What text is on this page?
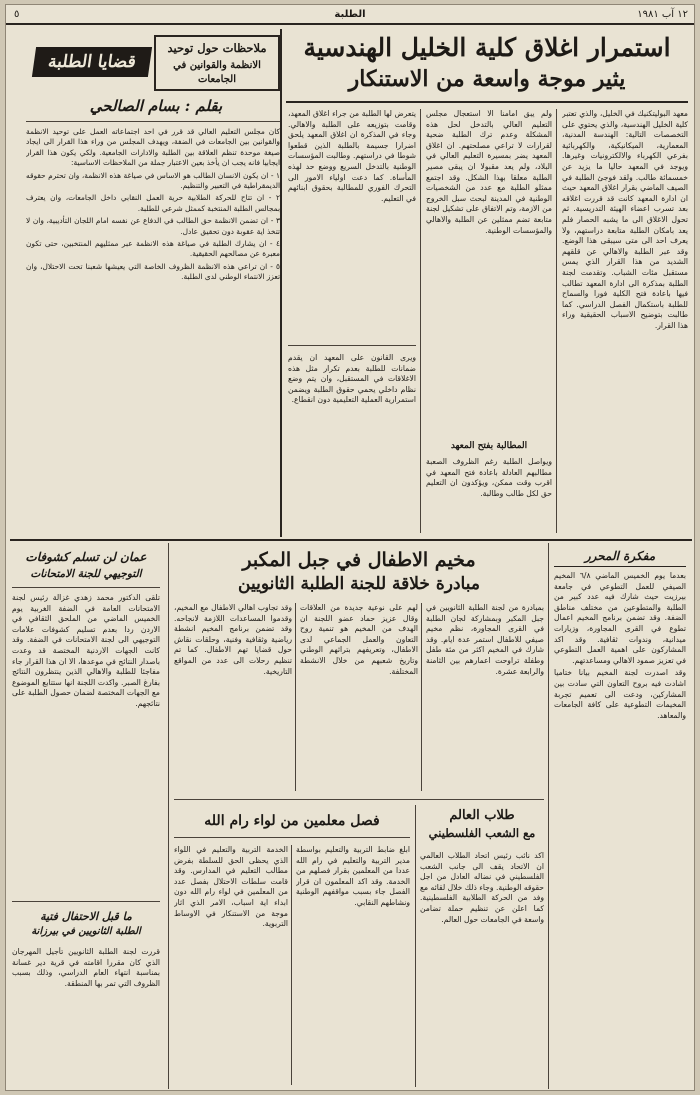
١٢ آب ١٩٨١
الطلبة
٥
استمرار اغلاق كلية الخليل الهندسية
يثير موجة واسعة من الاستنكار

معهد البوليتكنيك في الخليل، والذي تعتبر كلية الخليل الهندسية، والذي يحتوي على التخصصات التالية: الهندسة المدنية، المعمارية، الميكانيكية، والكهربائية بفرعي الكهرباء والالكترونيات وغيرها. ويوجد في المعهد حاليا ما يزيد عن خمسمائة طالب. ولقد فوجئ الطلبة في الصيف الماضي بقرار اغلاق المعهد حيث ان ادارة المعهد كانت قد قررت اغلاقه بعد تسرب اعضاء الهيئة التدريسية. ثم تحول الاغلاق الى ما يشبه الحصار فلم يعد بامكان الطلبة متابعة دراستهم، ولا يعرف احد الى متى سيبقى هذا الوضع. وقد عبر الطلبة والاهالي عن قلقهم الشديد من هذا القرار الذي يمس مستقبل مئات الشباب. وتقدمت لجنة الطلبة بمذكرة الى ادارة المعهد تطالب فيها باعادة فتح الكلية فورا والسماح للطلبة باستكمال الفصل الدراسي. كما طالبت بتوضيح الاسباب الحقيقية وراء هذا القرار.

ولم يبق امامنا الا استعجال مجلس التعليم العالي بالتدخل لحل هذه المشكلة وعدم ترك الطلبة ضحية لقرارات لا تراعي مصلحتهم. ان اغلاق المعهد يضر بمسيرة التعليم العالي في البلاد، ولم يعد مقبولا ان يبقى مصير الطلبة معلقا بهذا الشكل. وقد اجتمع ممثلو الطلبة مع عدد من الشخصيات الوطنية في المدينة لبحث سبل الخروج من الازمة، وتم الاتفاق على تشكيل لجنة متابعة تضم ممثلين عن الطلبة والاهالي والمؤسسات الوطنية.

المطالبة بفتح المعهد

ويواصل الطلبة رغم الظروف الصعبة مطالبهم العادلة باعادة فتح المعهد في اقرب وقت ممكن، ويؤكدون ان التعليم حق لكل طالب وطالبة.

يتعرض لها الطلبة من جراء اغلاق المعهد، وقامت بتوزيعه على الطلبة والاهالي. وجاء في المذكرة ان اغلاق المعهد يلحق اضرارا جسيمة بالطلبة الذين قطعوا شوطا في دراستهم. وطالبت المؤسسات الوطنية بالتدخل السريع ووضع حد لهذه المأساة. كما دعت اولياء الامور الى التحرك الفوري للمطالبة بحقوق ابنائهم في التعليم.

ويرى القانون على المعهد ان يقدم ضمانات للطلبة بعدم تكرار مثل هذه الاغلاقات في المستقبل، وان يتم وضع نظام داخلي يحمي حقوق الطلبة ويضمن استمرارية العملية التعليمية دون انقطاع.

قضايا الطلبة
ملاحظات حول توحيد
الانظمة والقوانين في الجامعات
بقلم : بسام الصالحي

كان مجلس التعليم العالي قد قرر في احد اجتماعاته العمل على توحيد الانظمة والقوانين بين الجامعات في الضفة، ويهدف المجلس من وراء هذا القرار الى ايجاد صيغة موحدة تنظم العلاقة بين الطلبة والادارات الجامعية. ولكي يكون هذا القرار ايجابيا فانه يجب ان يأخذ بعين الاعتبار جملة من الملاحظات الاساسية:

١ - ان يكون الانسان الطالب هو الاساس في صياغة هذه الانظمة، وان تحترم حقوقه الديمقراطية في التعبير والتنظيم.

٢ - ان تتاح للحركة الطلابية حرية العمل النقابي داخل الجامعات، وان يعترف بمجالس الطلبة المنتخبة كممثل شرعي للطلبة.

٣ - ان تضمن الانظمة حق الطالب في الدفاع عن نفسه امام اللجان التأديبية، وان لا تتخذ اية عقوبة دون تحقيق عادل.

٤ - ان يشارك الطلبة في صياغة هذه الانظمة عبر ممثليهم المنتخبين، حتى تكون معبرة عن مصالحهم الحقيقية.

٥ - ان تراعي هذه الانظمة الظروف الخاصة التي يعيشها شعبنا تحت الاحتلال، وان تعزز الانتماء الوطني لدى الطلبة.

مفكرة المحرر

بعدما يوم الخميس الماضي ٦/٨ المخيم الصيفي للعمل التطوعي في جامعة بيرزيت حيث شارك فيه عدد كبير من الطلبة والمتطوعين من مختلف مناطق الضفة. وقد تضمن برنامج المخيم اعمال تطوع في القرى المجاورة، وزيارات ميدانية، وندوات ثقافية. وقد اكد المشاركون على اهمية العمل التطوعي في تعزيز صمود الاهالي ومساعدتهم.

وقد اصدرت لجنة المخيم بيانا ختاميا اشادت فيه بروح التعاون التي سادت بين المشاركين، ودعت الى تعميم تجربة المخيمات التطوعية على كافة الجامعات والمعاهد.

مخيم الاطفال في جبل المكبر
مبادرة خلاقة للجنة الطلبة الثانويين

بمبادرة من لجنة الطلبة الثانويين في جبل المكبر وبمشاركة لجان الطلبة في القرى المجاورة، نظم مخيم صيفي للاطفال استمر عدة ايام. وقد شارك في المخيم اكثر من مئة طفل وطفلة تراوحت اعمارهم بين الثامنة والرابعة عشرة.

لهم على نوعية جديدة من العلاقات وقال عزيز حماد عضو اللجنة ان الهدف من المخيم هو تنمية روح التعاون والعمل الجماعي لدى الاطفال، وتعريفهم بتراثهم الوطني وتاريخ شعبهم من خلال الانشطة المختلفة.

وقد تجاوب اهالي الاطفال مع المخيم، وقدموا المساعدات اللازمة لانجاحه. وقد تضمن برنامج المخيم انشطة رياضية وثقافية وفنية، وحلقات نقاش حول قضايا تهم الاطفال. كما تم تنظيم رحلات الى عدد من المواقع التاريخية.

طلاب العالم
مع الشعب الفلسطيني

اكد نائب رئيس اتحاد الطلاب العالمي ان الاتحاد يقف الى جانب الشعب الفلسطيني في نضاله العادل من اجل حقوقه الوطنية. وجاء ذلك خلال لقائه مع وفد من الحركة الطلابية الفلسطينية. كما اعلن عن تنظيم حملة تضامن واسعة في الجامعات حول العالم.

فصل معلمين من لواء رام الله

ابلغ ضابط التربية والتعليم بواسطة مدير التربية والتعليم في رام الله عددا من المعلمين بقرار فصلهم من الخدمة. وقد اكد المعلمون ان قرار الفصل جاء بسبب مواقفهم الوطنية ونشاطهم النقابي.

الخدمة التربية والتعليم في اللواء الذي يحظى الحق للسلطة بفرض مطالب التعليم في المدارس. وقد قامت سلطات الاحتلال بفصل عدد من المعلمين في لواء رام الله دون ابداء اية اسباب، الامر الذي اثار موجة من الاستنكار في الاوساط التربوية.

عمان لن تسلم كشوفات
التوجيهي للجنة الامتحانات

تلقى الدكتور محمد زهدي غزالة رئيس لجنة الامتحانات العامة في الضفة الغربية يوم الخميس الماضي من الملحق الثقافي في الاردن ردا بعدم تسليم كشوفات علامات التوجيهي الى لجنة الامتحانات في الضفة. وقد كانت الجهات الاردنية المختصة قد وعدت باصدار النتائج في موعدها، الا ان هذا القرار جاء مفاجئا للطلبة والاهالي الذين ينتظرون النتائج بفارغ الصبر. واكدت اللجنة انها ستتابع الموضوع مع الجهات المختصة لضمان حصول الطلبة على نتائجهم.

ما قبل الاحتفال فتية
الطلبة الثانويين في بيرزانة

قررت لجنة الطلبة الثانويين تأجيل المهرجان الذي كان مقررا اقامته في قرية دير غسانة بمناسبة انتهاء العام الدراسي، وذلك بسبب الظروف التي تمر بها المنطقة.
